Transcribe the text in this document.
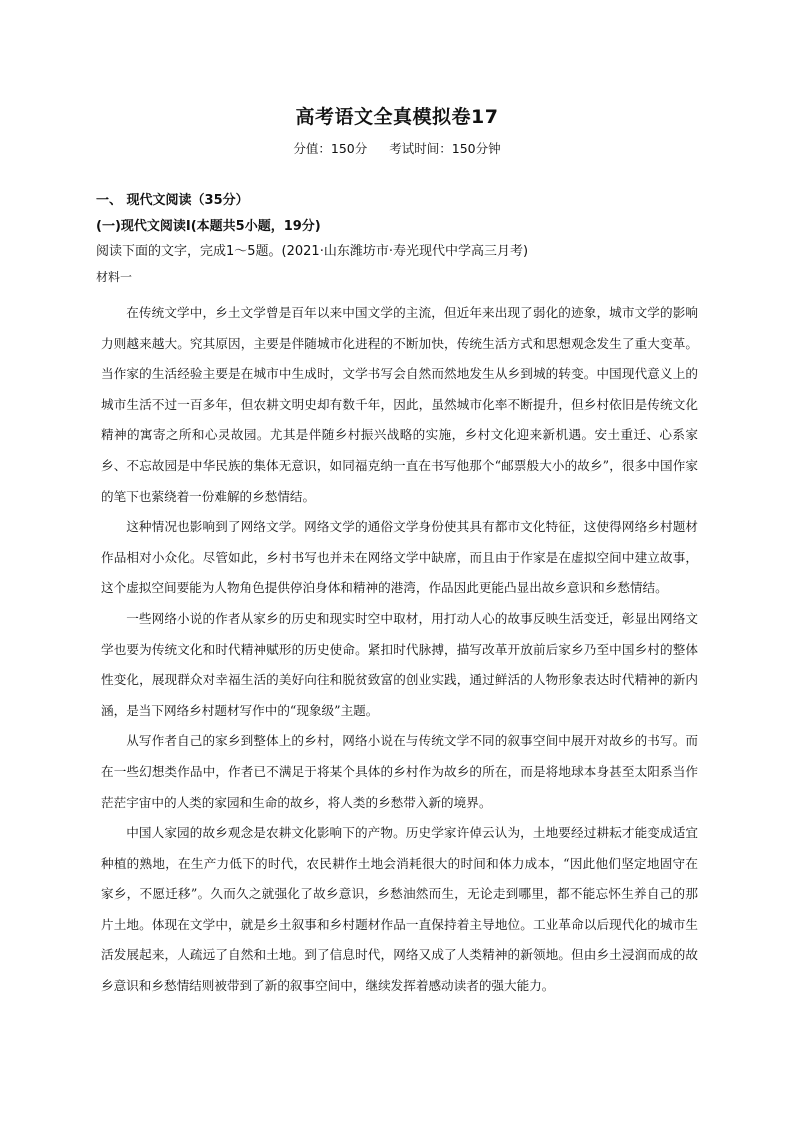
高考语文全真模拟卷17
分值：150分 考试时间：150分钟
一、 现代文阅读（35分）
(一)现代文阅读Ⅰ(本题共5小题，19分)
阅读下面的文字，完成1～5题。(2021·山东潍坊市·寿光现代中学高三月考)
材料一

在传统文学中，乡土文学曾是百年以来中国文学的主流，但近年来出现了弱化的迹象，城市文学的影响力则越来越大。究其原因，主要是伴随城市化进程的不断加快，传统生活方式和思想观念发生了重大变革。当作家的生活经验主要是在城市中生成时，文学书写会自然而然地发生从乡到城的转变。中国现代意义上的城市生活不过一百多年，但农耕文明史却有数千年，因此，虽然城市化率不断提升，但乡村依旧是传统文化精神的寓寄之所和心灵故园。尤其是伴随乡村振兴战略的实施，乡村文化迎来新机遇。安土重迁、心系家乡、不忘故园是中华民族的集体无意识，如同福克纳一直在书写他那个“邮票般大小的故乡”，很多中国作家的笔下也萦绕着一份难解的乡愁情结。

这种情况也影响到了网络文学。网络文学的通俗文学身份使其具有都市文化特征，这使得网络乡村题材作品相对小众化。尽管如此，乡村书写也并未在网络文学中缺席，而且由于作家是在虚拟空间中建立故事，这个虚拟空间要能为人物角色提供停泊身体和精神的港湾，作品因此更能凸显出故乡意识和乡愁情结。

一些网络小说的作者从家乡的历史和现实时空中取材，用打动人心的故事反映生活变迁，彰显出网络文学也要为传统文化和时代精神赋形的历史使命。紧扣时代脉搏，描写改革开放前后家乡乃至中国乡村的整体性变化，展现群众对幸福生活的美好向往和脱贫致富的创业实践，通过鲜活的人物形象表达时代精神的新内涵，是当下网络乡村题材写作中的“现象级”主题。

从写作者自己的家乡到整体上的乡村，网络小说在与传统文学不同的叙事空间中展开对故乡的书写。而在一些幻想类作品中，作者已不满足于将某个具体的乡村作为故乡的所在，而是将地球本身甚至太阳系当作茫茫宇宙中的人类的家园和生命的故乡，将人类的乡愁带入新的境界。

中国人家园的故乡观念是农耕文化影响下的产物。历史学家许倬云认为，土地要经过耕耘才能变成适宜种植的熟地，在生产力低下的时代，农民耕作土地会消耗很大的时间和体力成本，“因此他们坚定地固守在家乡，不愿迁移”。久而久之就强化了故乡意识，乡愁油然而生，无论走到哪里，都不能忘怀生养自己的那片土地。体现在文学中，就是乡土叙事和乡村题材作品一直保持着主导地位。工业革命以后现代化的城市生活发展起来，人疏远了自然和土地。到了信息时代，网络又成了人类精神的新领地。但由乡土浸润而成的故乡意识和乡愁情结则被带到了新的叙事空间中，继续发挥着感动读者的强大能力。
